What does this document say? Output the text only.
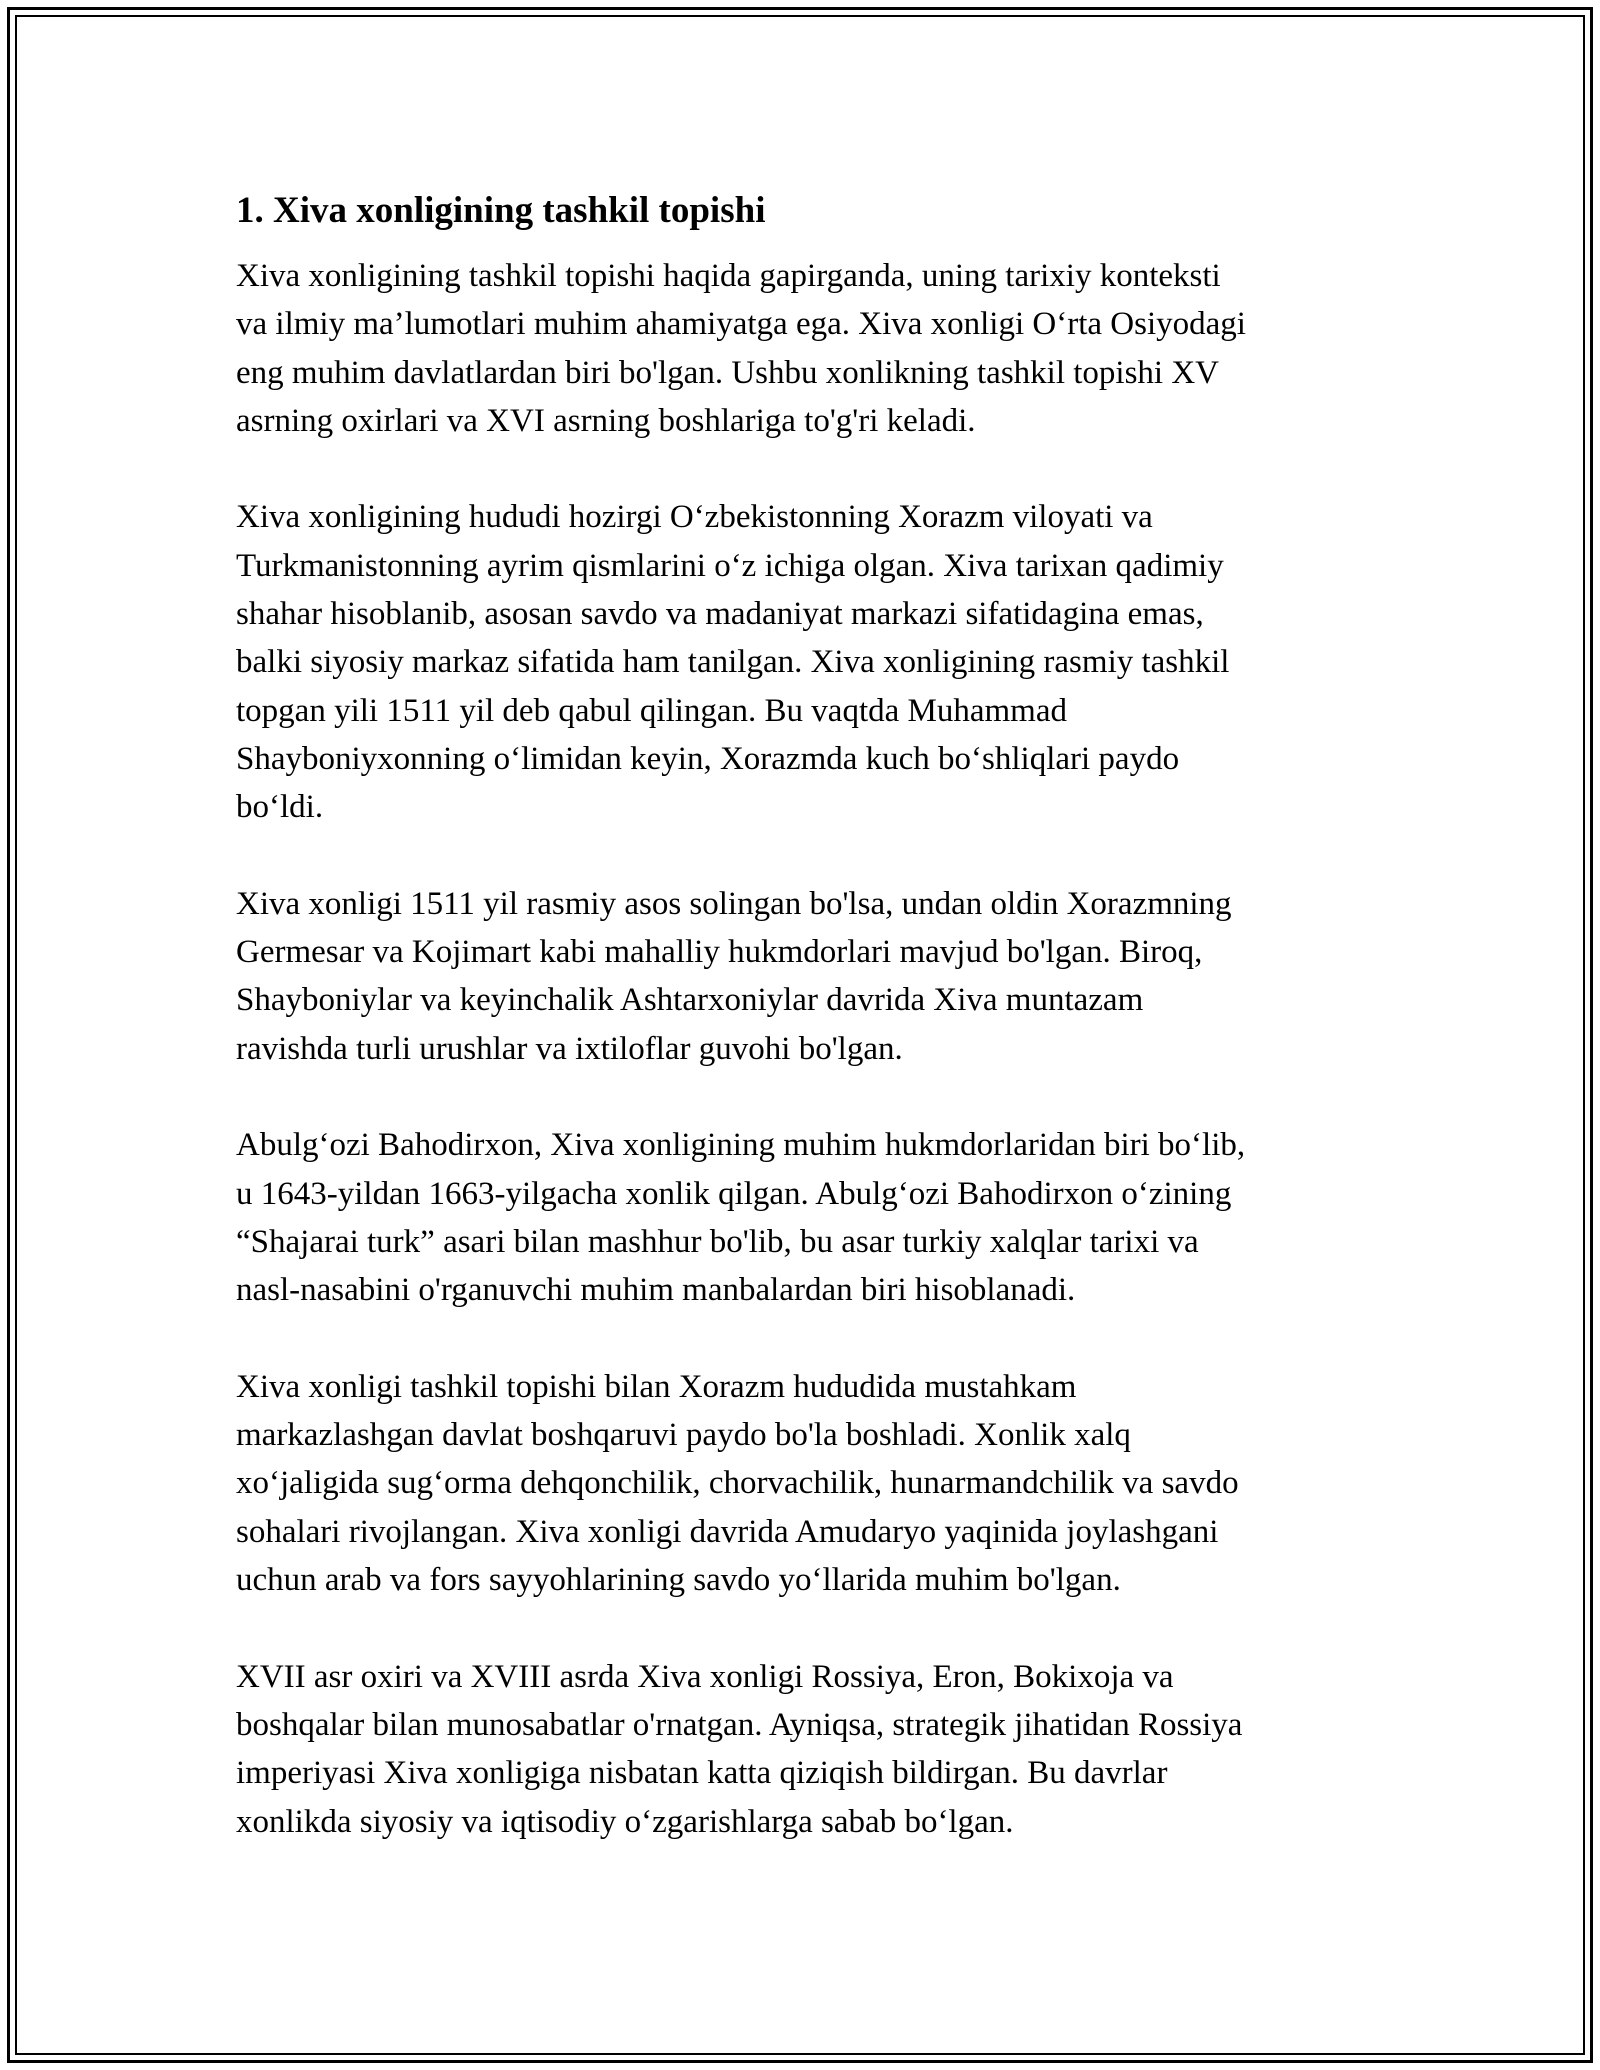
1. Xiva xonligining tashkil topishi
Xiva xonligining tashkil topishi haqida gapirganda, uning tarixiy konteksti
va ilmiy ma’lumotlari muhim ahamiyatga ega. Xiva xonligi O‘rta Osiyodagi
eng muhim davlatlardan biri bo'lgan. Ushbu xonlikning tashkil topishi XV
asrning oxirlari va XVI asrning boshlariga to'g'ri keladi.
Xiva xonligining hududi hozirgi O‘zbekistonning Xorazm viloyati va
Turkmanistonning ayrim qismlarini o‘z ichiga olgan. Xiva tarixan qadimiy
shahar hisoblanib, asosan savdo va madaniyat markazi sifatidagina emas,
balki siyosiy markaz sifatida ham tanilgan. Xiva xonligining rasmiy tashkil
topgan yili 1511 yil deb qabul qilingan. Bu vaqtda Muhammad
Shayboniyxonning o‘limidan keyin, Xorazmda kuch bo‘shliqlari paydo
bo‘ldi.
Xiva xonligi 1511 yil rasmiy asos solingan bo'lsa, undan oldin Xorazmning
Germesar va Kojimart kabi mahalliy hukmdorlari mavjud bo'lgan. Biroq,
Shayboniylar va keyinchalik Ashtarxoniylar davrida Xiva muntazam
ravishda turli urushlar va ixtiloflar guvohi bo'lgan.
Abulg‘ozi Bahodirxon, Xiva xonligining muhim hukmdorlaridan biri bo‘lib,
u 1643-yildan 1663-yilgacha xonlik qilgan. Abulg‘ozi Bahodirxon o‘zining
“Shajarai turk” asari bilan mashhur bo'lib, bu asar turkiy xalqlar tarixi va
nasl-nasabini o'rganuvchi muhim manbalardan biri hisoblanadi.
Xiva xonligi tashkil topishi bilan Xorazm hududida mustahkam
markazlashgan davlat boshqaruvi paydo bo'la boshladi. Xonlik xalq
xo‘jaligida sug‘orma dehqonchilik, chorvachilik, hunarmandchilik va savdo
sohalari rivojlangan. Xiva xonligi davrida Amudaryo yaqinida joylashgani
uchun arab va fors sayyohlarining savdo yo‘llarida muhim bo'lgan.
XVII asr oxiri va XVIII asrda Xiva xonligi Rossiya, Eron, Bokixoja va
boshqalar bilan munosabatlar o'rnatgan. Ayniqsa, strategik jihatidan Rossiya
imperiyasi Xiva xonligiga nisbatan katta qiziqish bildirgan. Bu davrlar
xonlikda siyosiy va iqtisodiy o‘zgarishlarga sabab bo‘lgan.
